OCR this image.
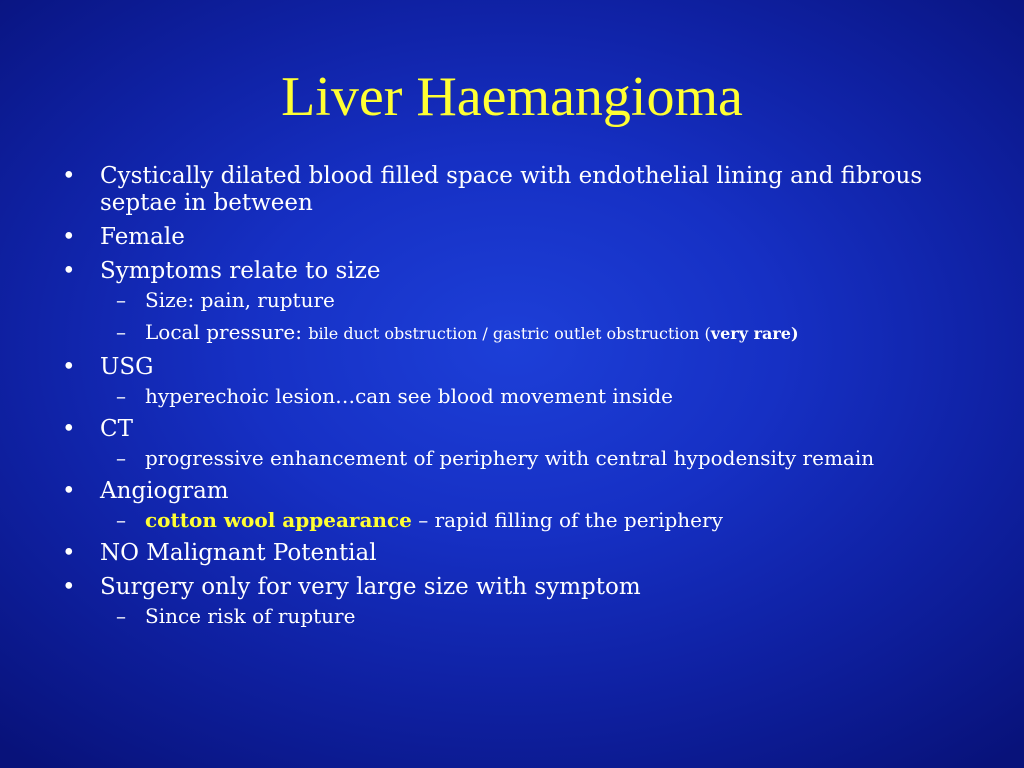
Liver Haemangioma
• Cystically dilated blood filled space with endothelial lining and fibrous septae in between
• Female
• Symptoms relate to size
– Size: pain, rupture
– Local pressure: bile duct obstruction / gastric outlet obstruction (very rare)
• USG
– hyperechoic lesion…can see blood movement inside
• CT
– progressive enhancement of periphery with central hypodensity remain
• Angiogram
– cotton wool appearance – rapid filling of the periphery
• NO Malignant Potential
• Surgery only for very large size with symptom
– Since risk of rupture
